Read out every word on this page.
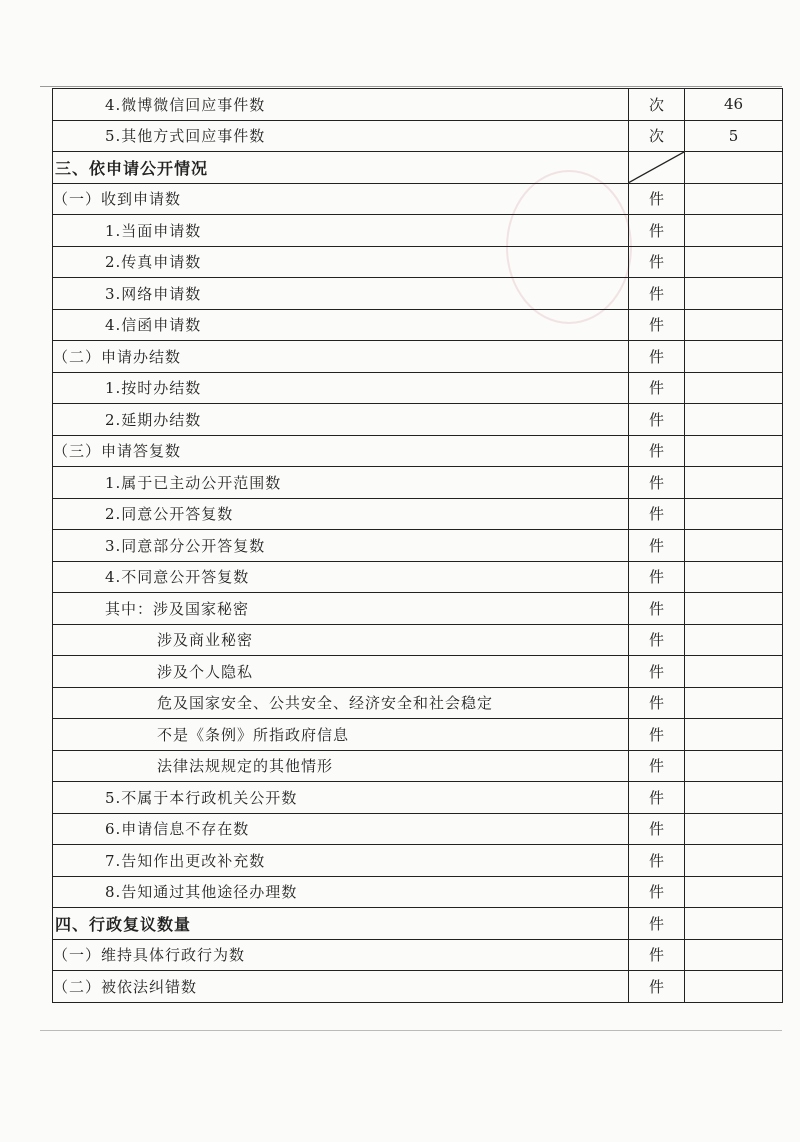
4.微博微信回应事件数	次	46
5.其他方式回应事件数	次	5
三、依申请公开情况	

（一）收到申请数	件	
1.当面申请数	件	
2.传真申请数	件	
3.网络申请数	件	
4.信函申请数	件	
（二）申请办结数	件	
1.按时办结数	件	
2.延期办结数	件	
（三）申请答复数	件	
1.属于已主动公开范围数	件	
2.同意公开答复数	件	
3.同意部分公开答复数	件	
4.不同意公开答复数	件	
其中：涉及国家秘密	件	
涉及商业秘密	件	
涉及个人隐私	件	
危及国家安全、公共安全、经济安全和社会稳定	件	
不是《条例》所指政府信息	件	
法律法规规定的其他情形	件	
5.不属于本行政机关公开数	件	
6.申请信息不存在数	件	
7.告知作出更改补充数	件	
8.告知通过其他途径办理数	件	
四、行政复议数量	件	
（一）维持具体行政行为数	件	
（二）被依法纠错数	件	
